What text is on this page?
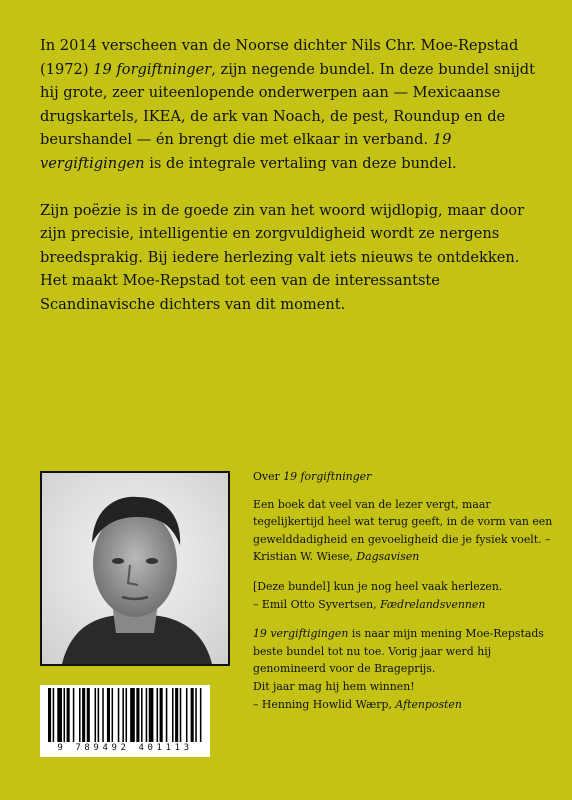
In 2014 verscheen van de Noorse dichter Nils Chr. Moe-Repstad (1972) 19 forgiftninger, zijn negende bundel. In deze bundel snijdt hij grote, zeer uiteenlopende onderwerpen aan — Mexicaanse drugskartels, IKEA, de ark van Noach, de pest, Roundup en de beurshandel — én brengt die met elkaar in verband. 19 vergiftigingen is de integrale vertaling van deze bundel.

Zijn poëzie is in de goede zin van het woord wijdlopig, maar door zijn precisie, intelligentie en zorgvuldigheid wordt ze nergens breedsprakig. Bij iedere herlezing valt iets nieuws te ontdekken. Het maakt Moe-Repstad tot een van de interessantste Scandinavische dichters van dit moment.

Over 19 forgiftninger
Een boek dat veel van de lezer vergt, maar tegelijkertijd heel wat terug geeft, in de vorm van een gewelddadigheid en gevoeligheid die je fysiek voelt. – Kristian W. Wiese, Dagsavisen
[Deze bundel] kun je nog heel vaak herlezen.
– Emil Otto Syvertsen, Fædrelandsvennen
19 vergiftigingen is naar mijn mening Moe-Repstads beste bundel tot nu toe. Vorig jaar werd hij genomineerd voor de Brageprijs.
Dit jaar mag hij hem winnen!
– Henning Howlid Wærp, Aftenposten
9 789492 401113
